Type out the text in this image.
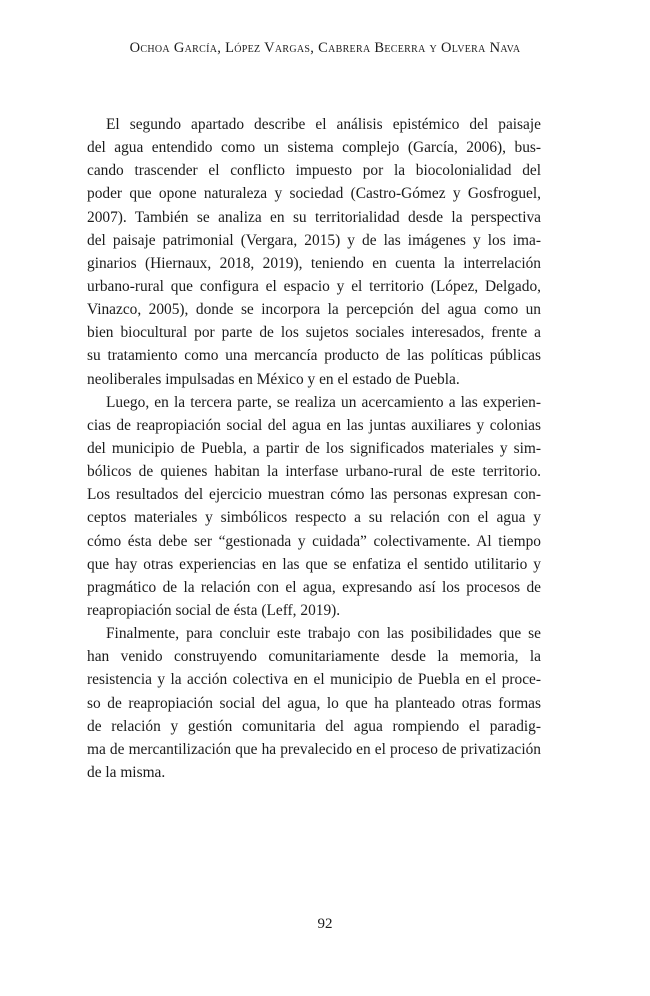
Ochoa García, López Vargas, Cabrera Becerra y Olvera Nava
El segundo apartado describe el análisis epistémico del paisaje
del agua entendido como un sistema complejo (García, 2006), bus-
cando trascender el conflicto impuesto por la biocolonialidad del
poder que opone naturaleza y sociedad (Castro-Gómez y Gosfroguel,
2007). También se analiza en su territorialidad desde la perspectiva
del paisaje patrimonial (Vergara, 2015) y de las imágenes y los ima-
ginarios (Hiernaux, 2018, 2019), teniendo en cuenta la interrelación
urbano-rural que configura el espacio y el territorio (López, Delgado,
Vinazco, 2005), donde se incorpora la percepción del agua como un
bien biocultural por parte de los sujetos sociales interesados, frente a
su tratamiento como una mercancía producto de las políticas públicas
neoliberales impulsadas en México y en el estado de Puebla.
Luego, en la tercera parte, se realiza un acercamiento a las experien-
cias de reapropiación social del agua en las juntas auxiliares y colonias
del municipio de Puebla, a partir de los significados materiales y sim-
bólicos de quienes habitan la interfase urbano-rural de este territorio.
Los resultados del ejercicio muestran cómo las personas expresan con-
ceptos materiales y simbólicos respecto a su relación con el agua y
cómo ésta debe ser “gestionada y cuidada” colectivamente. Al tiempo
que hay otras experiencias en las que se enfatiza el sentido utilitario y
pragmático de la relación con el agua, expresando así los procesos de
reapropiación social de ésta (Leff, 2019).
Finalmente, para concluir este trabajo con las posibilidades que se
han venido construyendo comunitariamente desde la memoria, la
resistencia y la acción colectiva en el municipio de Puebla en el proce-
so de reapropiación social del agua, lo que ha planteado otras formas
de relación y gestión comunitaria del agua rompiendo el paradig-
ma de mercantilización que ha prevalecido en el proceso de privatización
de la misma.
92
